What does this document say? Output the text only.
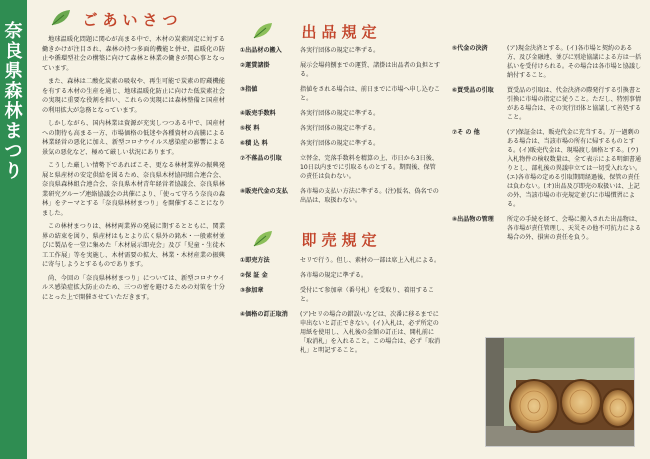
奈
良
県
森
林
ま
つ
り
ごあいさつ

地球温暖化問題に関心が高まる中で、木材の炭素固定に対する働きかけが注目され、森林の持つ多面的機能と併せ、温暖化の防止や循環型社会の構築に向けて森林と林業の働きが関心事となっています。

また、森林は二酸化炭素の吸収や、再生可能で炭素の貯蔵機能を有する木材の生産を通じ、地球温暖化防止に向けた低炭素社会の実現に重要な役割を担い、これらの実現には森林整備と国産材の利用拡大が急務となっています。

しかしながら、国内林業は資源が充実しつつある中で、国産材への期待も高まる一方、市場価格の低迷や各種資材の高騰による林業経営の悪化に加え、新型コロナウイルス感染症の影響による景気の悪化など、極めて厳しい状況にあります。

こうした厳しい情勢下であればこそ、更なる林材業界の振興発展と県産材の安定供給を図るため、奈良県木材協同組合連合会、奈良県森林組合連合会、奈良県木材青年経営者協議会、奈良県林業研究グループ連絡協議会の共催により、「使って守ろう奈良の森林」をテーマとする「奈良県林材まつり」を開催することになりました。

この林材まつりは、林材両業界の発展に期するとともに、関業界の結束を図り、県産材はもとより広く県外の銘木・一般素材並びに製品を一堂に集めた「木材展示即売会」及び「児童・生徒木工工作展」等を実施し、木材需要の拡大、林業・木材産業の振興に寄与しようとするものであります。

尚、今回の「奈良県林材まつり」については、新型コロナウイルス感染症拡大防止のため、三つの密を避けるための対策を十分にとった上で開催させていただきます。

出品規定
①出品材の搬入	各実行団体の規定に準ずる。
②運賃諸掛	展示会場荷捌までの運賃、諸掛は出品者の負担とする。
③指値	指値をされる場合は、前日までに市場へ申し込むこと。
④販売手数料	各実行団体の規定に準ずる。
⑤桜 料	各実行団体の規定に準ずる。
⑥積 込 料	各実行団体の規定に準ずる。
⑦不落品の引取	立替金、完落手数料を精算の上、市日から3日後、10日以内までに引取るものとする。期間後、保管の責任は負わない。
⑧販売代金の支払	各市場の支払い方法に準ずる。(注)仮名、偽名での出品は、取扱わない。
即売規定
①即売方法	セリで行う。但し、素材の一部は席上入札による。
②保 証 金	各市場の規定に準ずる。
③参加章	受付にて参加章（番号札）を受取り、着用すること。
④価格の訂正取消	(ア)セリの場合の錯誤いなどは、次番に移るまでに申出ないと訂正できない。(イ)入札は、必ず所定の用紙を使用し、入札後の金額の訂正は、開札前に「取消札」を入れること。この場合は、必ず「取消札」と明記すること。
⑤代金の決済	(ア)現金決済とする。(イ)各市場と契約のある方、及び金融連、並びに別途協議による方は一括払いを受付けられる。その場合は各市場と協議し納付すること。
⑥買受品の引取	買受品の引取は、代金決済の際発行する引換書と引換に市場の指定に従うこと。ただし、特別事情がある場合は、その実行団体と協議して善処すること。
⑦そ の 他	(ア)保証金は、販売代金に充当する。万一過剰のある場合は、当該市場の所有に帰するものとする。(イ)販売代金は、現場渡し価格とする。(ウ)入札物件の検収数量は、全て表示による明細書通りとし、部札後の異議申立ては一切受入れない。(エ)各市場の定める引取期間経過後、保管の責任は負わない。(オ)出品及び即売の取扱いは、上記の外、当該市場の市売規定並びに市場慣習による。
⑧出品物の管理	所定の手続を経て、会場に搬入された出品物は、各市場が責任管理し、天災その他不可抗力による場合の外、損害の責任を負う。
